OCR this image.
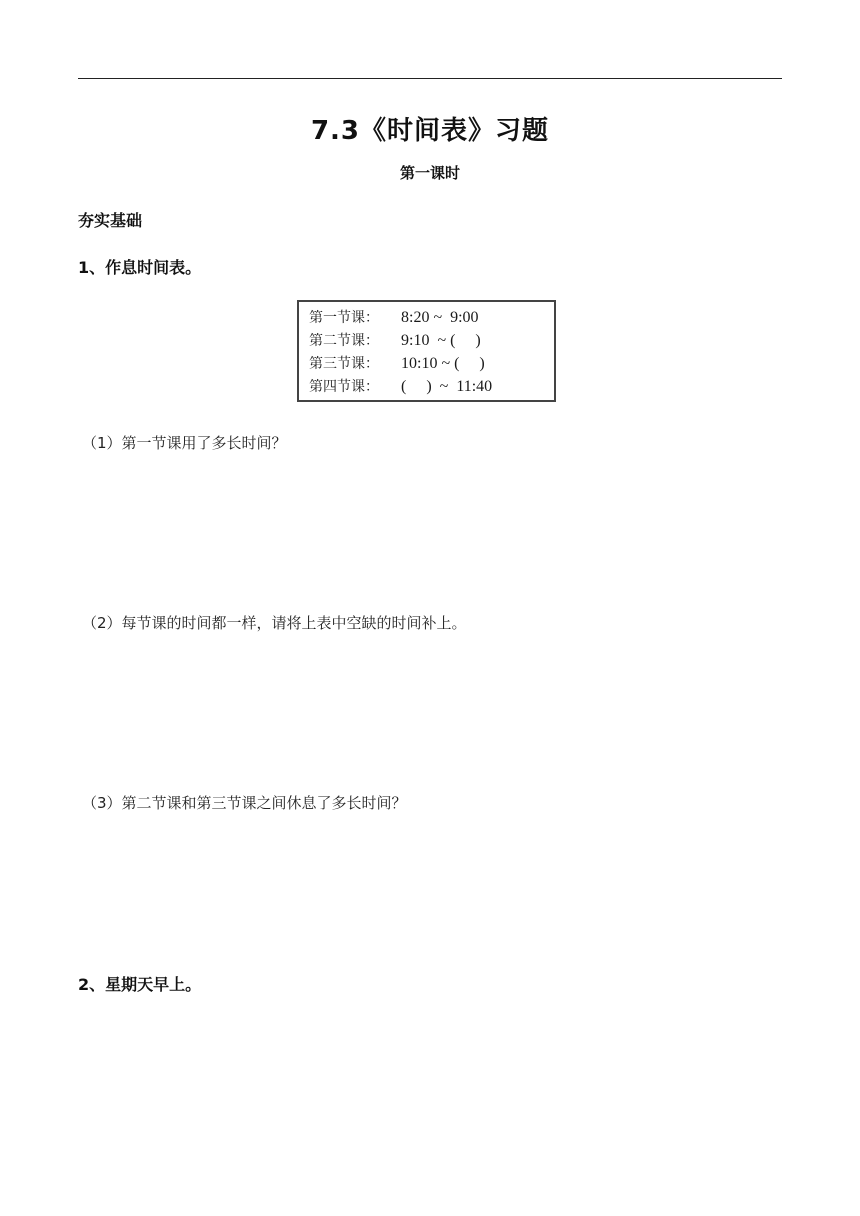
7.3《时间表》习题
第一课时
夯实基础
1、作息时间表。
第一节课：	8:20 ~  9:00
第二节课：	9:10  ~ (     )
第三节课：	10:10 ~ (     )
第四节课：	(     )  ~  11:40
（1）第一节课用了多长时间？
（2）每节课的时间都一样，请将上表中空缺的时间补上。
（3）第二节课和第三节课之间休息了多长时间？
2、星期天早上。
